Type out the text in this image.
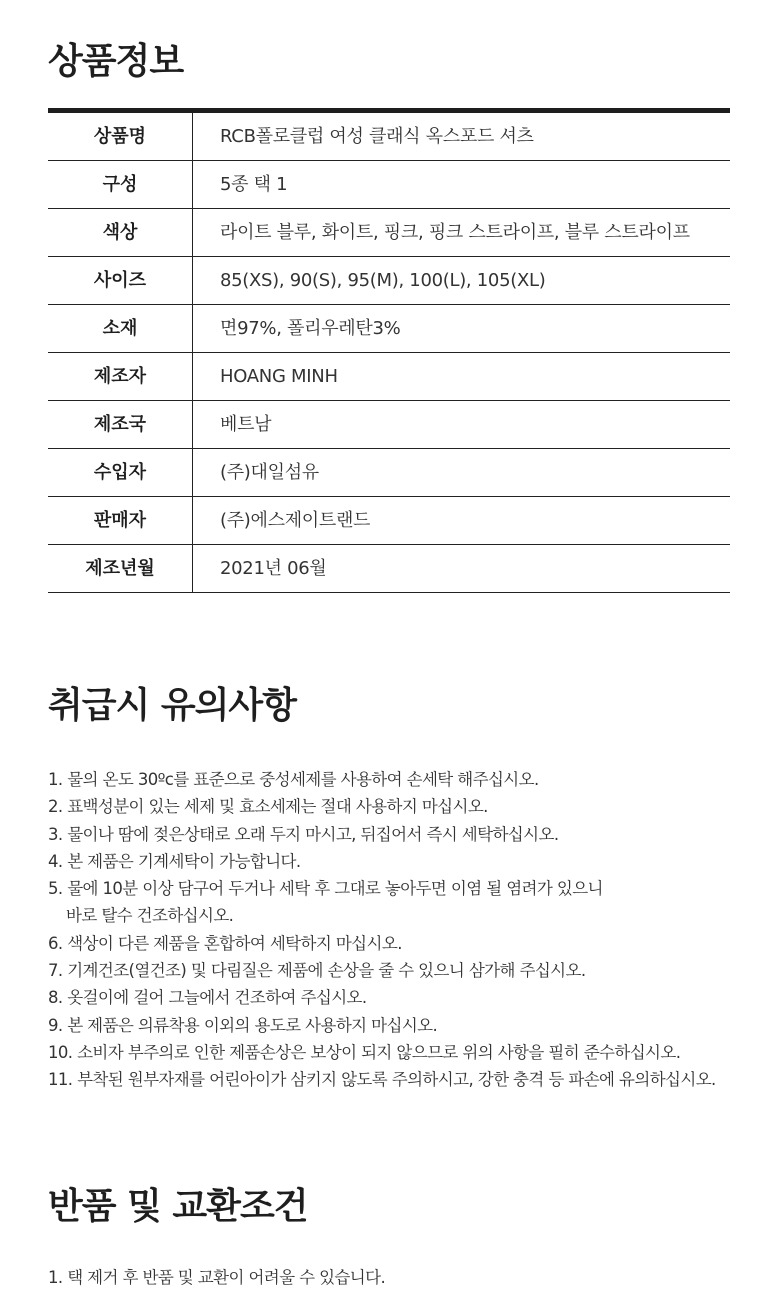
상품정보
상품명	RCB폴로클럽 여성 클래식 옥스포드 셔츠
구성	5종 택 1
색상	라이트 블루, 화이트, 핑크, 핑크 스트라이프, 블루 스트라이프
사이즈	85(XS), 90(S), 95(M), 100(L), 105(XL)
소재	면97%, 폴리우레탄3%
제조자	HOANG MINH
제조국	베트남
수입자	(주)대일섬유
판매자	(주)에스제이트랜드
제조년월	2021년 06월
취급시 유의사항
1. 물의 온도 30ºc를 표준으로 중성세제를 사용하여 손세탁 해주십시오.
2. 표백성분이 있는 세제 및 효소세제는 절대 사용하지 마십시오.
3. 물이나 땀에 젖은상태로 오래 두지 마시고, 뒤집어서 즉시 세탁하십시오.
4. 본 제품은 기계세탁이 가능합니다.
5. 물에 10분 이상 담구어 두거나 세탁 후 그대로 놓아두면 이염 될 염려가 있으니
바로 탈수 건조하십시오.
6. 색상이 다른 제품을 혼합하여 세탁하지 마십시오.
7. 기계건조(열건조) 및 다림질은 제품에 손상을 줄 수 있으니 삼가해 주십시오.
8. 옷걸이에 걸어 그늘에서 건조하여 주십시오.
9. 본 제품은 의류착용 이외의 용도로 사용하지 마십시오.
10. 소비자 부주의로 인한 제품손상은 보상이 되지 않으므로 위의 사항을 필히 준수하십시오.
11. 부착된 원부자재를 어린아이가 삼키지 않도록 주의하시고, 강한 충격 등 파손에 유의하십시오.
반품 및 교환조건
1. 택 제거 후 반품 및 교환이 어려울 수 있습니다.
